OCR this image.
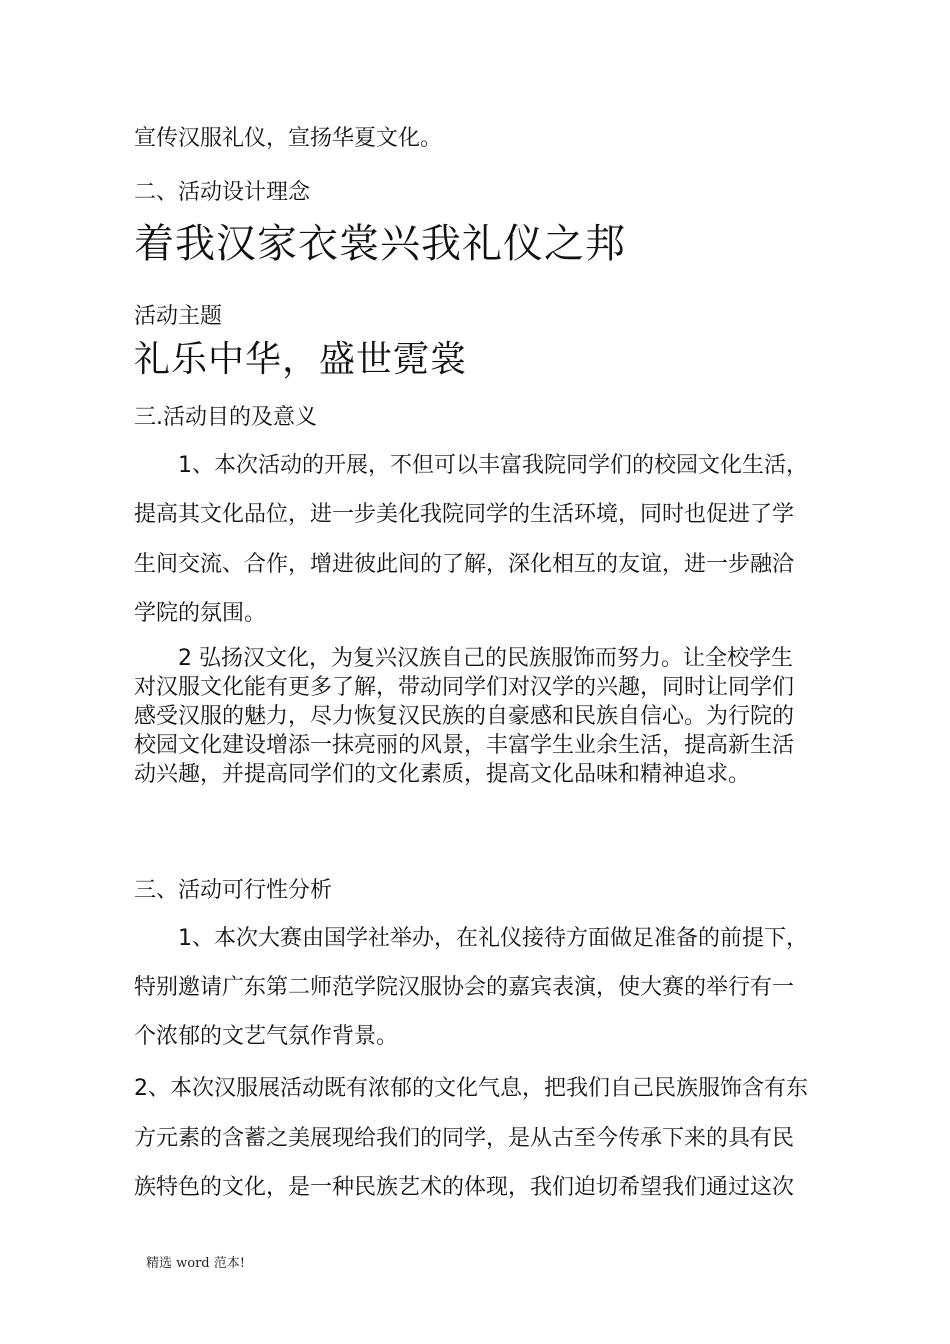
宣传汉服礼仪，宣扬华夏文化。

二、活动设计理念

着我汉家衣裳兴我礼仪之邦

活动主题

礼乐中华，盛世霓裳

三.活动目的及意义

1、本次活动的开展，不但可以丰富我院同学们的校园文化生活，

提高其文化品位，进一步美化我院同学的生活环境，同时也促进了学

生间交流、合作，增进彼此间的了解，深化相互的友谊，进一步融洽

学院的氛围。

2 弘扬汉文化，为复兴汉族自己的民族服饰而努力。让全校学生
对汉服文化能有更多了解，带动同学们对汉学的兴趣，同时让同学们
感受汉服的魅力，尽力恢复汉民族的自豪感和民族自信心。为行院的
校园文化建设增添一抹亮丽的风景，丰富学生业余生活，提高新生活
动兴趣，并提高同学们的文化素质，提高文化品味和精神追求。

三、活动可行性分析

1、本次大赛由国学社举办，在礼仪接待方面做足准备的前提下，

特别邀请广东第二师范学院汉服协会的嘉宾表演，使大赛的举行有一

个浓郁的文艺气氛作背景。

2、本次汉服展活动既有浓郁的文化气息，把我们自己民族服饰含有东

方元素的含蓄之美展现给我们的同学，是从古至今传承下来的具有民

族特色的文化，是一种民族艺术的体现，我们迫切希望我们通过这次

精选 word 范本!
